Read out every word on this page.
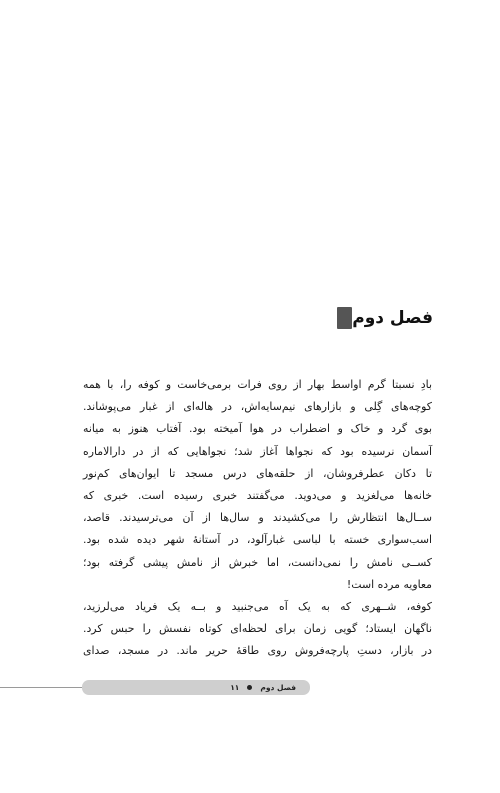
فصل دوم
بادِ نسبتا گرم اواسط بهار از روی فرات برمی‌خاست و کوفه را، با همه
کوچه‌های گِلی و بازارهای نیم‌سایه‌اش، در هاله‌ای از غبار می‌پوشاند.
بوی گرد و خاک و اضطراب در هوا آمیخته بود. آفتاب هنوز به میانه
آسمان نرسیده بود که نجواها آغاز شد؛ نجواهایی که از در دارالاماره
تا دکان عطرفروشان، از حلقه‌های درس مسجد تا ایوان‌های کم‌نور
خانه‌ها می‌لغزید و می‌دوید. می‌گفتند خبری رسیده است. خبری که
ســال‌ها انتظارش را می‌کشیدند و سال‌ها از آن می‌ترسیدند. قاصد،
اسب‌سواری خسته با لباسی غبارآلود، در آستانهٔ شهر دیده شده بود.
کســی نامش را نمی‌دانست، اما خبرش از نامش پیشی گرفته بود؛
معاویه مرده است!
کوفه، شــهری که به یک آه می‌جنبید و بــه یک فریاد می‌لرزید،
ناگهان ایستاد؛ گویی زمان برای لحظه‌ای کوتاه نفسش را حبس کرد.
در بازار، دستِ پارچه‌فروش روی طاقهٔ حریر ماند. در مسجد، صدای
فصل دوم
۱۱
